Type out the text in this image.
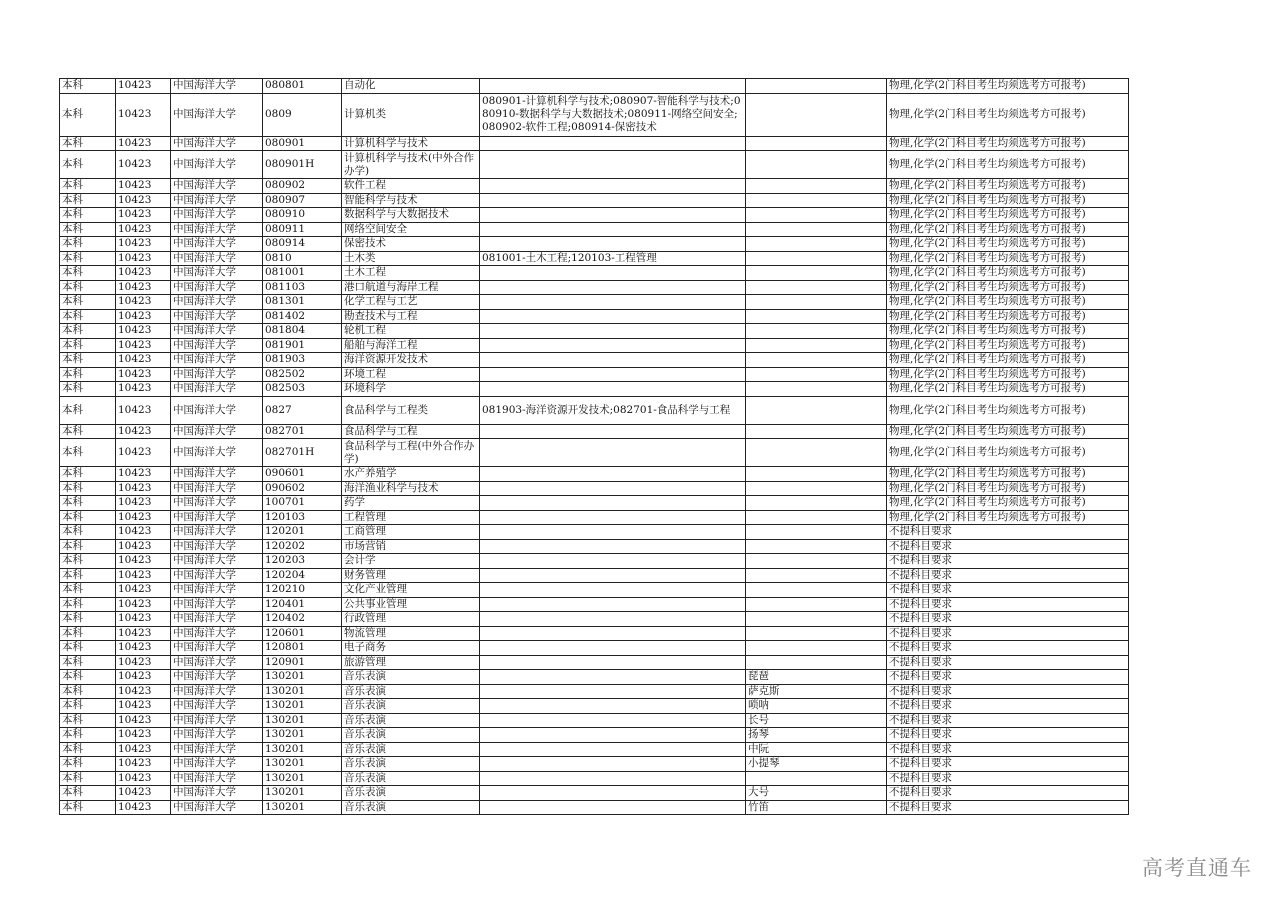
本科	10423	中国海洋大学	080801	自动化			物理,化学(2门科目考生均须选考方可报考)
本科	10423	中国海洋大学	0809	计算机类	080901-计算机科学与技术;080907-智能科学与技术;080910-数据科学与大数据技术;080911-网络空间安全;080902-软件工程;080914-保密技术		物理,化学(2门科目考生均须选考方可报考)
本科	10423	中国海洋大学	080901	计算机科学与技术			物理,化学(2门科目考生均须选考方可报考)
本科	10423	中国海洋大学	080901H	计算机科学与技术(中外合作办学)			物理,化学(2门科目考生均须选考方可报考)
本科	10423	中国海洋大学	080902	软件工程			物理,化学(2门科目考生均须选考方可报考)
本科	10423	中国海洋大学	080907	智能科学与技术			物理,化学(2门科目考生均须选考方可报考)
本科	10423	中国海洋大学	080910	数据科学与大数据技术			物理,化学(2门科目考生均须选考方可报考)
本科	10423	中国海洋大学	080911	网络空间安全			物理,化学(2门科目考生均须选考方可报考)
本科	10423	中国海洋大学	080914	保密技术			物理,化学(2门科目考生均须选考方可报考)
本科	10423	中国海洋大学	0810	土木类	081001-土木工程;120103-工程管理		物理,化学(2门科目考生均须选考方可报考)
本科	10423	中国海洋大学	081001	土木工程			物理,化学(2门科目考生均须选考方可报考)
本科	10423	中国海洋大学	081103	港口航道与海岸工程			物理,化学(2门科目考生均须选考方可报考)
本科	10423	中国海洋大学	081301	化学工程与工艺			物理,化学(2门科目考生均须选考方可报考)
本科	10423	中国海洋大学	081402	勘查技术与工程			物理,化学(2门科目考生均须选考方可报考)
本科	10423	中国海洋大学	081804	轮机工程			物理,化学(2门科目考生均须选考方可报考)
本科	10423	中国海洋大学	081901	船舶与海洋工程			物理,化学(2门科目考生均须选考方可报考)
本科	10423	中国海洋大学	081903	海洋资源开发技术			物理,化学(2门科目考生均须选考方可报考)
本科	10423	中国海洋大学	082502	环境工程			物理,化学(2门科目考生均须选考方可报考)
本科	10423	中国海洋大学	082503	环境科学			物理,化学(2门科目考生均须选考方可报考)
本科	10423	中国海洋大学	0827	食品科学与工程类	081903-海洋资源开发技术;082701-食品科学与工程		物理,化学(2门科目考生均须选考方可报考)
本科	10423	中国海洋大学	082701	食品科学与工程			物理,化学(2门科目考生均须选考方可报考)
本科	10423	中国海洋大学	082701H	食品科学与工程(中外合作办学)			物理,化学(2门科目考生均须选考方可报考)
本科	10423	中国海洋大学	090601	水产养殖学			物理,化学(2门科目考生均须选考方可报考)
本科	10423	中国海洋大学	090602	海洋渔业科学与技术			物理,化学(2门科目考生均须选考方可报考)
本科	10423	中国海洋大学	100701	药学			物理,化学(2门科目考生均须选考方可报考)
本科	10423	中国海洋大学	120103	工程管理			物理,化学(2门科目考生均须选考方可报考)
本科	10423	中国海洋大学	120201	工商管理			不提科目要求
本科	10423	中国海洋大学	120202	市场营销			不提科目要求
本科	10423	中国海洋大学	120203	会计学			不提科目要求
本科	10423	中国海洋大学	120204	财务管理			不提科目要求
本科	10423	中国海洋大学	120210	文化产业管理			不提科目要求
本科	10423	中国海洋大学	120401	公共事业管理			不提科目要求
本科	10423	中国海洋大学	120402	行政管理			不提科目要求
本科	10423	中国海洋大学	120601	物流管理			不提科目要求
本科	10423	中国海洋大学	120801	电子商务			不提科目要求
本科	10423	中国海洋大学	120901	旅游管理			不提科目要求
本科	10423	中国海洋大学	130201	音乐表演		琵琶	不提科目要求
本科	10423	中国海洋大学	130201	音乐表演		萨克斯	不提科目要求
本科	10423	中国海洋大学	130201	音乐表演		唢呐	不提科目要求
本科	10423	中国海洋大学	130201	音乐表演		长号	不提科目要求
本科	10423	中国海洋大学	130201	音乐表演		扬琴	不提科目要求
本科	10423	中国海洋大学	130201	音乐表演		中阮	不提科目要求
本科	10423	中国海洋大学	130201	音乐表演		小提琴	不提科目要求
本科	10423	中国海洋大学	130201	音乐表演			不提科目要求
本科	10423	中国海洋大学	130201	音乐表演		大号	不提科目要求
本科	10423	中国海洋大学	130201	音乐表演		竹笛	不提科目要求
高考直通车
